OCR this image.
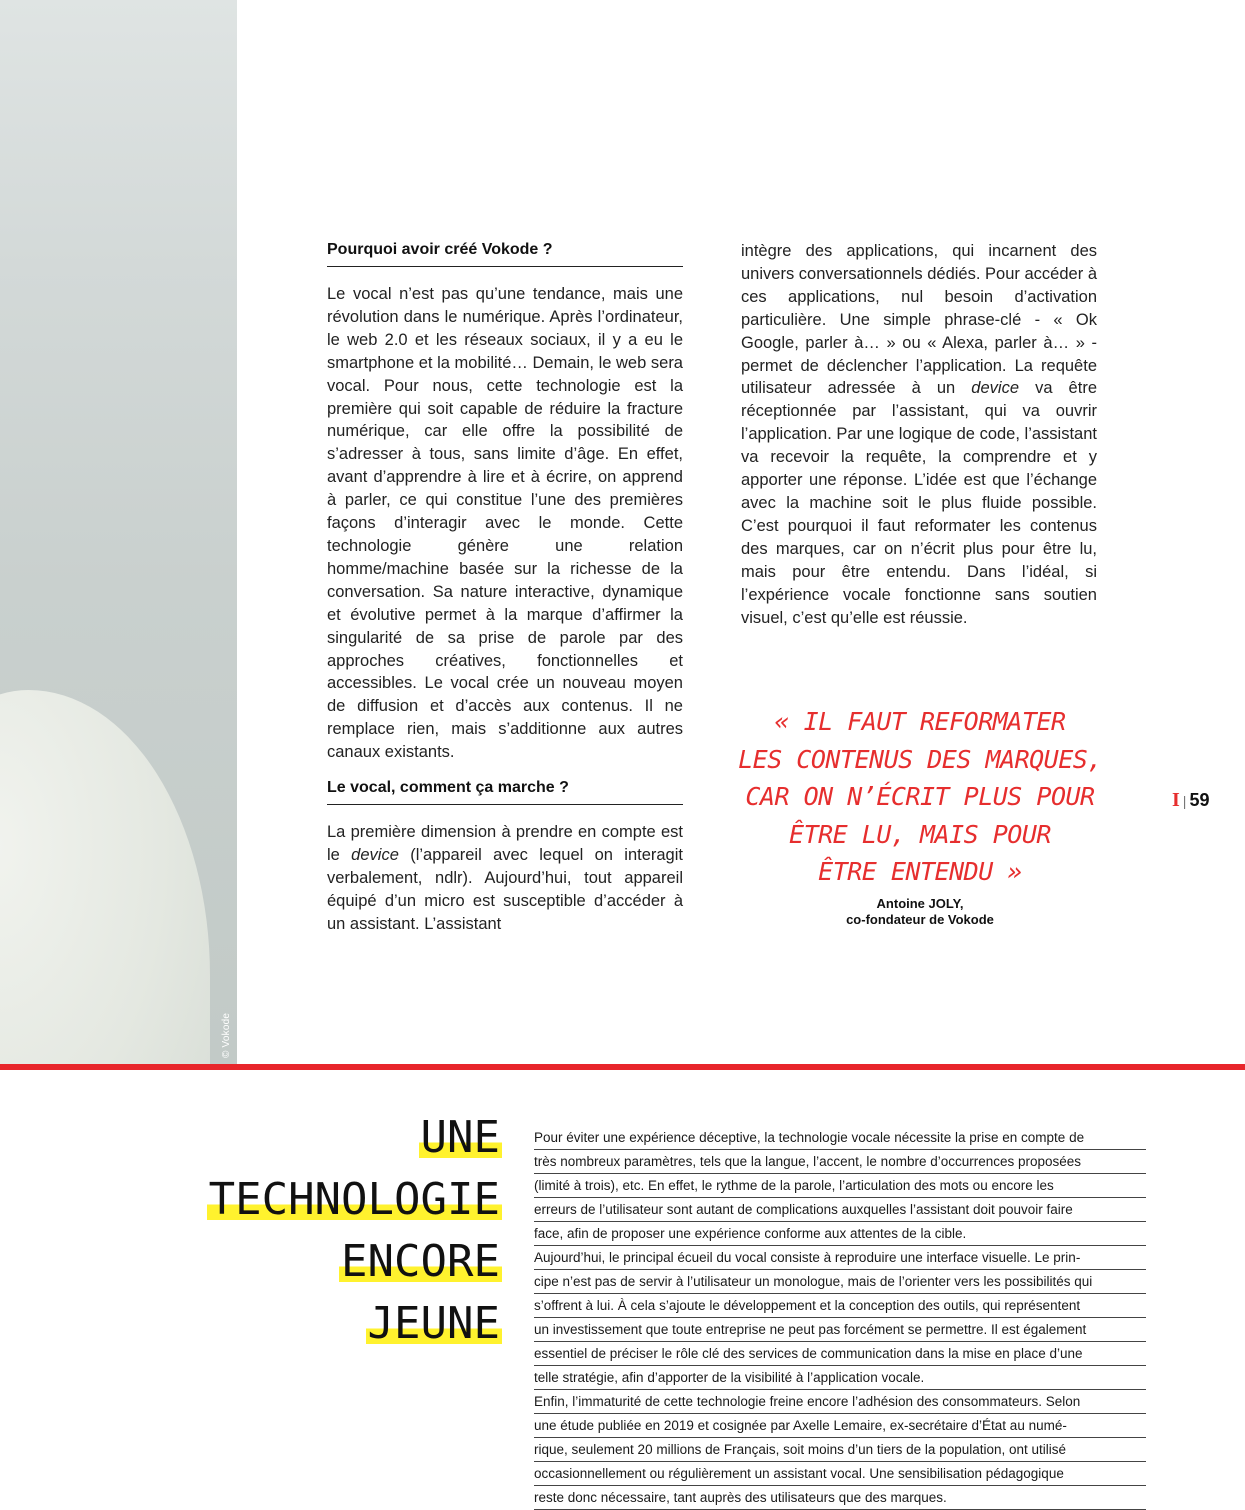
© Vokode
Pourquoi avoir créé Vokode ?

Le vocal n’est pas qu’une tendance, mais une révolution dans le numérique. Après l’ordinateur, le web 2.0 et les réseaux sociaux, il y a eu le smartphone et la mobilité… Demain, le web sera vocal. Pour nous, cette technologie est la première qui soit capable de réduire la fracture numérique, car elle offre la possibilité de s’adresser à tous, sans limite d’âge. En effet, avant d’apprendre à lire et à écrire, on apprend à parler, ce qui constitue l’une des premières façons d’interagir avec le monde. Cette technologie génère une relation homme/machine basée sur la richesse de la conversation. Sa nature interactive, dynamique et évolutive permet à la marque d’affirmer la singularité de sa prise de parole par des approches créatives, fonctionnelles et accessibles. Le vocal crée un nouveau moyen de diffusion et d’accès aux contenus. Il ne remplace rien, mais s’additionne aux autres canaux existants.

Le vocal, comment ça marche ?

La première dimension à prendre en compte est le device (l’appareil avec lequel on interagit verbalement, ndlr). Aujourd’hui, tout appareil équipé d’un micro est susceptible d’accéder à un assistant. L’assistant

intègre des applications, qui incarnent des univers conversationnels dédiés. Pour accéder à ces applications, nul besoin d’activation particulière. Une simple phrase-clé - « Ok Google, parler à… » ou « Alexa, parler à… » - permet de déclencher l’application. La requête utilisateur adressée à un device va être réceptionnée par l’assistant, qui va ouvrir l’application. Par une logique de code, l’assistant va recevoir la requête, la comprendre et y apporter une réponse. L’idée est que l’échange avec la machine soit le plus fluide possible. C’est pourquoi il faut reformater les contenus des marques, car on n’écrit plus pour être lu, mais pour être entendu. Dans l’idéal, si l’expérience vocale fonctionne sans soutien visuel, c’est qu’elle est réussie.

« IL FAUT REFORMATER
LES CONTENUS DES MARQUES,
CAR ON N’ÉCRIT PLUS POUR
ÊTRE LU, MAIS POUR
ÊTRE ENTENDU »
Antoine JOLY,
co-fondateur de Vokode
I | 59
UNE
TECHNOLOGIE
ENCORE
JEUNE

Pour éviter une expérience déceptive, la technologie vocale nécessite la prise en compte de
très nombreux paramètres, tels que la langue, l’accent, le nombre d’occurrences proposées
(limité à trois), etc. En effet, le rythme de la parole, l’articulation des mots ou encore les
erreurs de l’utilisateur sont autant de complications auxquelles l’assistant doit pouvoir faire
face, afin de proposer une expérience conforme aux attentes de la cible.

Aujourd’hui, le principal écueil du vocal consiste à reproduire une interface visuelle. Le prin-
cipe n’est pas de servir à l’utilisateur un monologue, mais de l’orienter vers les possibilités qui
s’offrent à lui. À cela s’ajoute le développement et la conception des outils, qui représentent
un investissement que toute entreprise ne peut pas forcément se permettre. Il est également
essentiel de préciser le rôle clé des services de communication dans la mise en place d’une
telle stratégie, afin d’apporter de la visibilité à l’application vocale.

Enfin, l’immaturité de cette technologie freine encore l’adhésion des consommateurs. Selon
une étude publiée en 2019 et cosignée par Axelle Lemaire, ex-secrétaire d’État au numé-
rique, seulement 20 millions de Français, soit moins d’un tiers de la population, ont utilisé
occasionnellement ou régulièrement un assistant vocal. Une sensibilisation pédagogique
reste donc nécessaire, tant auprès des utilisateurs que des marques.
